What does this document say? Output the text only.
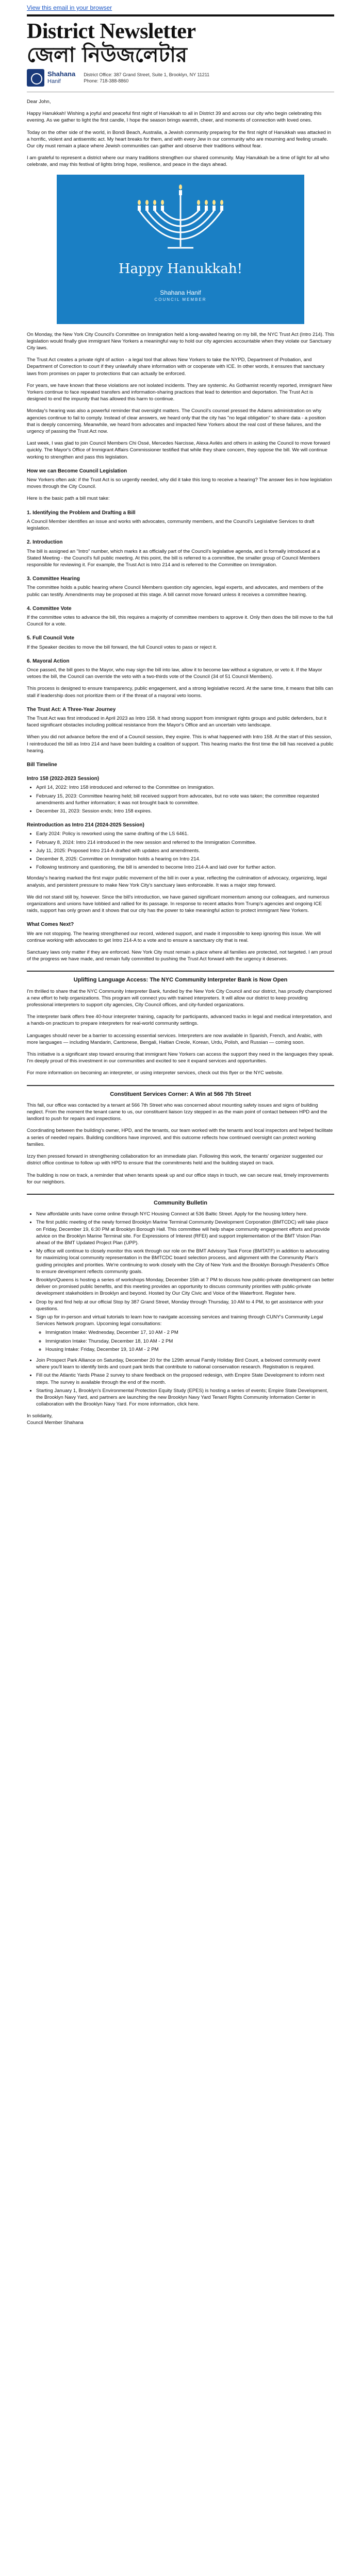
View this email in your browser
District Newsletter
জেলা নিউজলেটার
Shahana
Hanif
District Office: 387 Grand Street, Suite 1, Brooklyn, NY 11211
Phone: 718-388-8860

Dear John,

Happy Hanukkah! Wishing a joyful and peaceful first night of Hanukkah to all in District 39 and across our city who begin celebrating this evening. As we gather to light the first candle, I hope the season brings warmth, cheer, and moments of connection with loved ones.

Today on the other side of the world, in Bondi Beach, Australia, a Jewish community preparing for the first night of Hanukkah was attacked in a horrific, violent and antisemitic act. My heart breaks for them, and with every Jew in our community who are mourning and feeling unsafe. Our city must remain a place where Jewish communities can gather and observe their traditions without fear.

I am grateful to represent a district where our many traditions strengthen our shared community. May Hanukkah be a time of light for all who celebrate, and may this festival of lights bring hope, resilience, and peace in the days ahead.

Happy Hanukkah!
Shahana Hanif
COUNCIL MEMBER

On Monday, the New York City Council's Committee on Immigration held a long-awaited hearing on my bill, the NYC Trust Act (Intro 214). This legislation would finally give immigrant New Yorkers a meaningful way to hold our city agencies accountable when they violate our Sanctuary City laws.

The Trust Act creates a private right of action - a legal tool that allows New Yorkers to take the NYPD, Department of Probation, and Department of Correction to court if they unlawfully share information with or cooperate with ICE. In other words, it ensures that sanctuary laws from promises on paper to protections that can actually be enforced.

For years, we have known that these violations are not isolated incidents. They are systemic. As Gothamist recently reported, immigrant New Yorkers continue to face repeated transfers and information-sharing practices that lead to detention and deportation. The Trust Act is designed to end the impunity that has allowed this harm to continue.

Monday's hearing was also a powerful reminder that oversight matters. The Council's counsel pressed the Adams administration on why agencies continue to fail to comply. Instead of clear answers, we heard only that the city has "no legal obligation" to share data - a position that is deeply concerning. Meanwhile, we heard from advocates and impacted New Yorkers about the real cost of these failures, and the urgency of passing the Trust Act now.

Last week, I was glad to join Council Members Chi Ossé, Mercedes Narcisse, Alexa Avilés and others in asking the Council to move forward quickly. The Mayor's Office of Immigrant Affairs Commissioner testified that while they share concern, they oppose the bill. We will continue working to strengthen and pass this legislation.

How we can Become Council Legislation

New Yorkers often ask: if the Trust Act is so urgently needed, why did it take this long to receive a hearing? The answer lies in how legislation moves through the City Council.

Here is the basic path a bill must take:

1. Identifying the Problem and Drafting a Bill

A Council Member identifies an issue and works with advocates, community members, and the Council's Legislative Services to draft legislation.

2. Introduction

The bill is assigned an "Intro" number, which marks it as officially part of the Council's legislative agenda, and is formally introduced at a Stated Meeting - the Council's full public meeting. At this point, the bill is referred to a committee, the smaller group of Council Members responsible for reviewing it. For example, the Trust Act is Intro 214 and is referred to the Committee on Immigration.

3. Committee Hearing

The committee holds a public hearing where Council Members question city agencies, legal experts, and advocates, and members of the public can testify. Amendments may be proposed at this stage. A bill cannot move forward unless it receives a committee hearing.

4. Committee Vote

If the committee votes to advance the bill, this requires a majority of committee members to approve it. Only then does the bill move to the full Council for a vote.

5. Full Council Vote

If the Speaker decides to move the bill forward, the full Council votes to pass or reject it.

6. Mayoral Action

Once passed, the bill goes to the Mayor, who may sign the bill into law, allow it to become law without a signature, or veto it. If the Mayor vetoes the bill, the Council can override the veto with a two-thirds vote of the Council (34 of 51 Council Members).

This process is designed to ensure transparency, public engagement, and a strong legislative record. At the same time, it means that bills can stall if leadership does not prioritize them or if the threat of a mayoral veto looms.

The Trust Act: A Three-Year Journey

The Trust Act was first introduced in April 2023 as Intro 158. It had strong support from immigrant rights groups and public defenders, but it faced significant obstacles including political resistance from the Mayor's Office and an uncertain veto landscape.

When you did not advance before the end of a Council session, they expire. This is what happened with Intro 158. At the start of this session, I reintroduced the bill as Intro 214 and have been building a coalition of support. This hearing marks the first time the bill has received a public hearing.

Bill Timeline
Intro 158 (2022-2023 Session)
• April 14, 2022: Intro 158 introduced and referred to the Committee on Immigration.
• February 15, 2023: Committee hearing held; bill received support from advocates, but no vote was taken; the committee requested amendments and further information; it was not brought back to committee.
• December 31, 2023: Session ends; Intro 158 expires.
Reintroduction as Intro 214 (2024-2025 Session)
• Early 2024: Policy is reworked using the same drafting of the LS 6461.
• February 8, 2024: Intro 214 introduced in the new session and referred to the Immigration Committee.
• July 11, 2025: Proposed Intro 214-A drafted with updates and amendments.
• December 8, 2025: Committee on Immigration holds a hearing on Intro 214.
• Following testimony and questioning, the bill is amended to become Intro 214-A and laid over for further action.

Monday's hearing marked the first major public movement of the bill in over a year, reflecting the culmination of advocacy, organizing, legal analysis, and persistent pressure to make New York City's sanctuary laws enforceable. It was a major step forward.

We did not stand still by, however. Since the bill's introduction, we have gained significant momentum among our colleagues, and numerous organizations and unions have lobbied and rallied for its passage. In response to recent attacks from Trump's agencies and ongoing ICE raids, support has only grown and it shows that our city has the power to take meaningful action to protect immigrant New Yorkers.

What Comes Next?

We are not stopping. The hearing strengthened our record, widened support, and made it impossible to keep ignoring this issue. We will continue working with advocates to get Intro 214-A to a vote and to ensure a sanctuary city that is real.

Sanctuary laws only matter if they are enforced. New York City must remain a place where all families are protected, not targeted. I am proud of the progress we have made, and remain fully committed to pushing the Trust Act forward with the urgency it deserves.

Uplifting Language Access: The NYC Community Interpreter Bank is Now Open

I'm thrilled to share that the NYC Community Interpreter Bank, funded by the New York City Council and our district, has proudly championed a new effort to help organizations. This program will connect you with trained interpreters. It will allow our district to keep providing professional interpreters to support city agencies, City Council offices, and city-funded organizations.

The interpreter bank offers free 40-hour interpreter training, capacity for participants, advanced tracks in legal and medical interpretation, and a hands-on practicum to prepare interpreters for real-world community settings.

Languages should never be a barrier to accessing essential services. Interpreters are now available in Spanish, French, and Arabic, with more languages — including Mandarin, Cantonese, Bengali, Haitian Creole, Korean, Urdu, Polish, and Russian — coming soon.

This initiative is a significant step toward ensuring that immigrant New Yorkers can access the support they need in the languages they speak. I'm deeply proud of this investment in our communities and excited to see it expand services and opportunities.

For more information on becoming an interpreter, or using interpreter services, check out this flyer or the NYC website.

Constituent Services Corner: A Win at 566 7th Street

This fall, our office was contacted by a tenant at 566 7th Street who was concerned about mounting safety issues and signs of building neglect. From the moment the tenant came to us, our constituent liaison Izzy stepped in as the main point of contact between HPD and the landlord to push for repairs and inspections.

Coordinating between the building's owner, HPD, and the tenants, our team worked with the tenants and local inspectors and helped facilitate a series of needed repairs. Building conditions have improved, and this outcome reflects how continued oversight can protect working families.

Izzy then pressed forward in strengthening collaboration for an immediate plan. Following this work, the tenants' organizer suggested our district office continue to follow up with HPD to ensure that the commitments held and the building stayed on track.

The building is now on track, a reminder that when tenants speak up and our office stays in touch, we can secure real, timely improvements for our neighbors.

Community Bulletin
• New affordable units have come online through NYC Housing Connect at 536 Baltic Street. Apply for the housing lottery here.
• The first public meeting of the newly formed Brooklyn Marine Terminal Community Development Corporation (BMTCDC) will take place on Friday, December 19, 6:30 PM at Brooklyn Borough Hall. This committee will help shape community engagement efforts and provide advice on the Brooklyn Marine Terminal site. For Expressions of Interest (RFEI) and support implementation of the BMT Vision Plan ahead of the BMT Updated Project Plan (UPP).
• My office will continue to closely monitor this work through our role on the BMT Advisory Task Force (BMTATF) in addition to advocating for maximizing local community representation in the BMTCDC board selection process, and alignment with the Community Plan's guiding principles and priorities. We're continuing to work closely with the City of New York and the Brooklyn Borough President's Office to ensure development reflects community goals.
• Brooklyn/Queens is hosting a series of workshops Monday, December 15th at 7 PM to discuss how public-private development can better deliver on promised public benefits, and this meeting provides an opportunity to discuss community priorities with public-private development stakeholders in Brooklyn and beyond. Hosted by Our City Civic and Voice of the Waterfront. Register here.
• Drop by and find help at our official Stop by 387 Grand Street, Monday through Thursday, 10 AM to 4 PM, to get assistance with your questions.
• Sign up for in-person and virtual tutorials to learn how to navigate accessing services and training through CUNY's Community Legal Services Network program. Upcoming legal consultations:
◦ Immigration Intake: Wednesday, December 17, 10 AM - 2 PM
◦ Immigration Intake: Thursday, December 18, 10 AM - 2 PM
◦ Housing Intake: Friday, December 19, 10 AM - 2 PM
• Join Prospect Park Alliance on Saturday, December 20 for the 129th annual Family Holiday Bird Count, a beloved community event where you'll learn to identify birds and count park birds that contribute to national conservation research. Registration is required.
• Fill out the Atlantic Yards Phase 2 survey to share feedback on the proposed redesign, with Empire State Development to inform next steps. The survey is available through the end of the month.
• Starting January 1, Brooklyn's Environmental Protection Equity Study (EPES) is hosting a series of events; Empire State Development, the Brooklyn Navy Yard, and partners are launching the new Brooklyn Navy Yard Tenant Rights Community Information Center in collaboration with the Brooklyn Navy Yard. For more information, click here.

In solidarity,

Council Member Shahana
